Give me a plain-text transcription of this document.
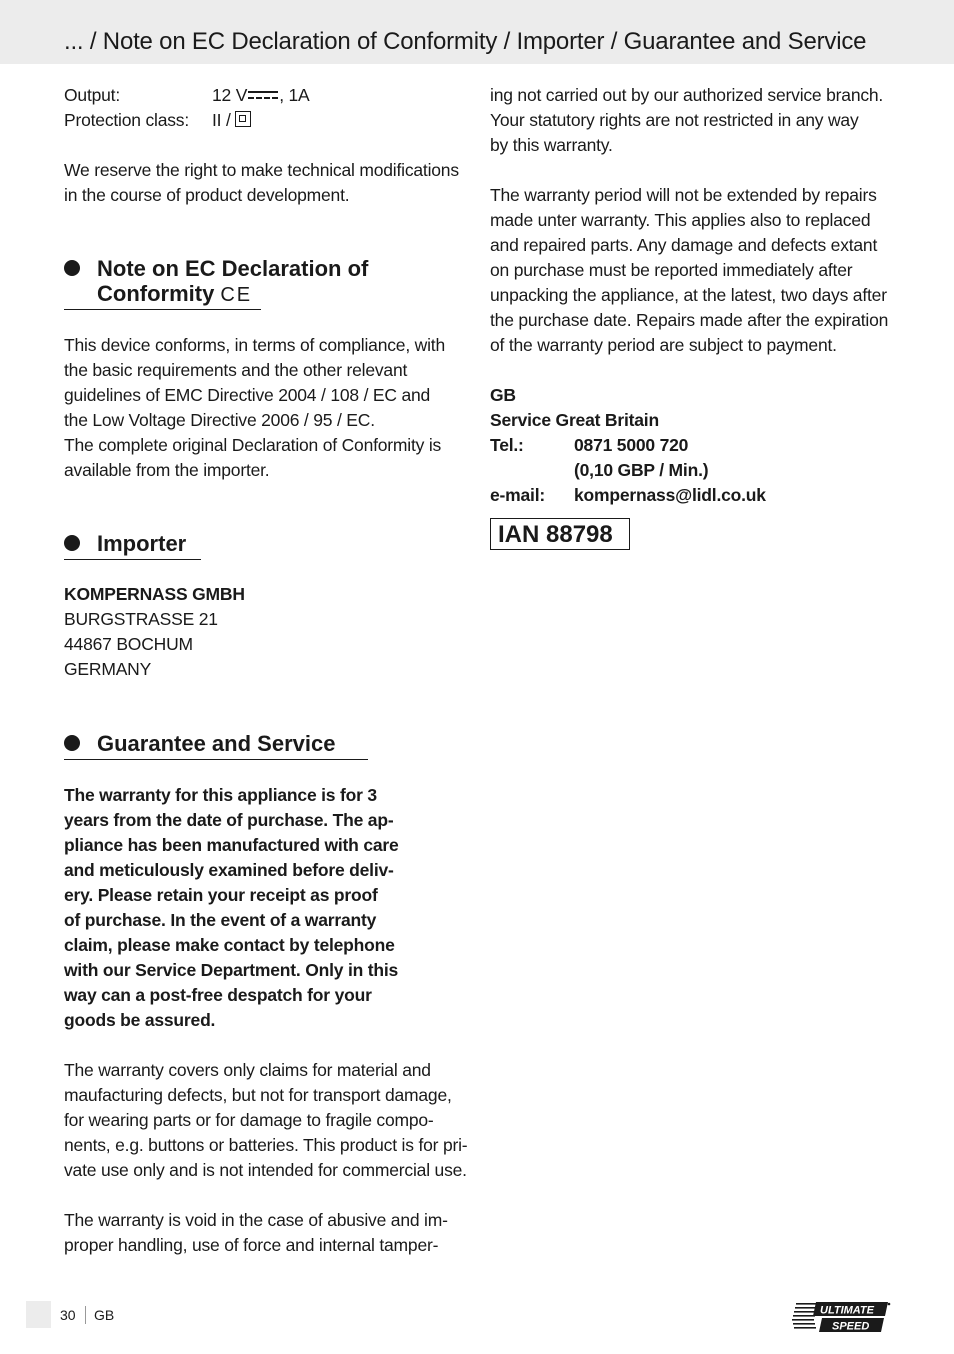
... / Note on EC Declaration of Conformity / Importer / Guarantee and Service
Output:	12 V , 1A
Protection class: II /
We reserve the right to make technical modifications
in the course of product development.
Note on EC Declaration of
Conformity CE
This device conforms, in terms of compliance, with
the basic requirements and the other relevant
guidelines of EMC Directive 2004 / 108 / EC and
the Low Voltage Directive 2006 / 95 / EC.
The complete original Declaration of Conformity is
available from the importer.
Importer
KOMPERNASS GMBH
BURGSTRASSE 21
44867 BOCHUM
GERMANY
Guarantee and Service
The warranty for this appliance is for 3
years from the date of purchase. The ap-
pliance has been manufactured with care
and meticulously examined before deliv-
ery. Please retain your receipt as proof
of purchase. In the event of a warranty
claim, please make contact by telephone
with our Service Department. Only in this
way can a post-free despatch for your
goods be assured.
The warranty covers only claims for material and
maufacturing defects, but not for transport damage,
for wearing parts or for damage to fragile compo-
nents, e.g. buttons or batteries. This product is for pri-
vate use only and is not intended for commercial use.
The warranty is void in the case of abusive and im-
proper handling, use of force and internal tamper-
ing not carried out by our authorized service branch.
Your statutory rights are not restricted in any way
by this warranty.
The warranty period will not be extended by repairs
made unter warranty. This applies also to replaced
and repaired parts. Any damage and defects extant
on purchase must be reported immediately after
unpacking the appliance, at the latest, two days after
the purchase date. Repairs made after the expiration
of the warranty period are subject to payment.
GB
Service Great Britain
Tel.:	0871 5000 720
(0,10 GBP / Min.)
e-mail: kompernass@lidl.co.uk
IAN 88798
30 GB	ULTIMATE
SPEED
